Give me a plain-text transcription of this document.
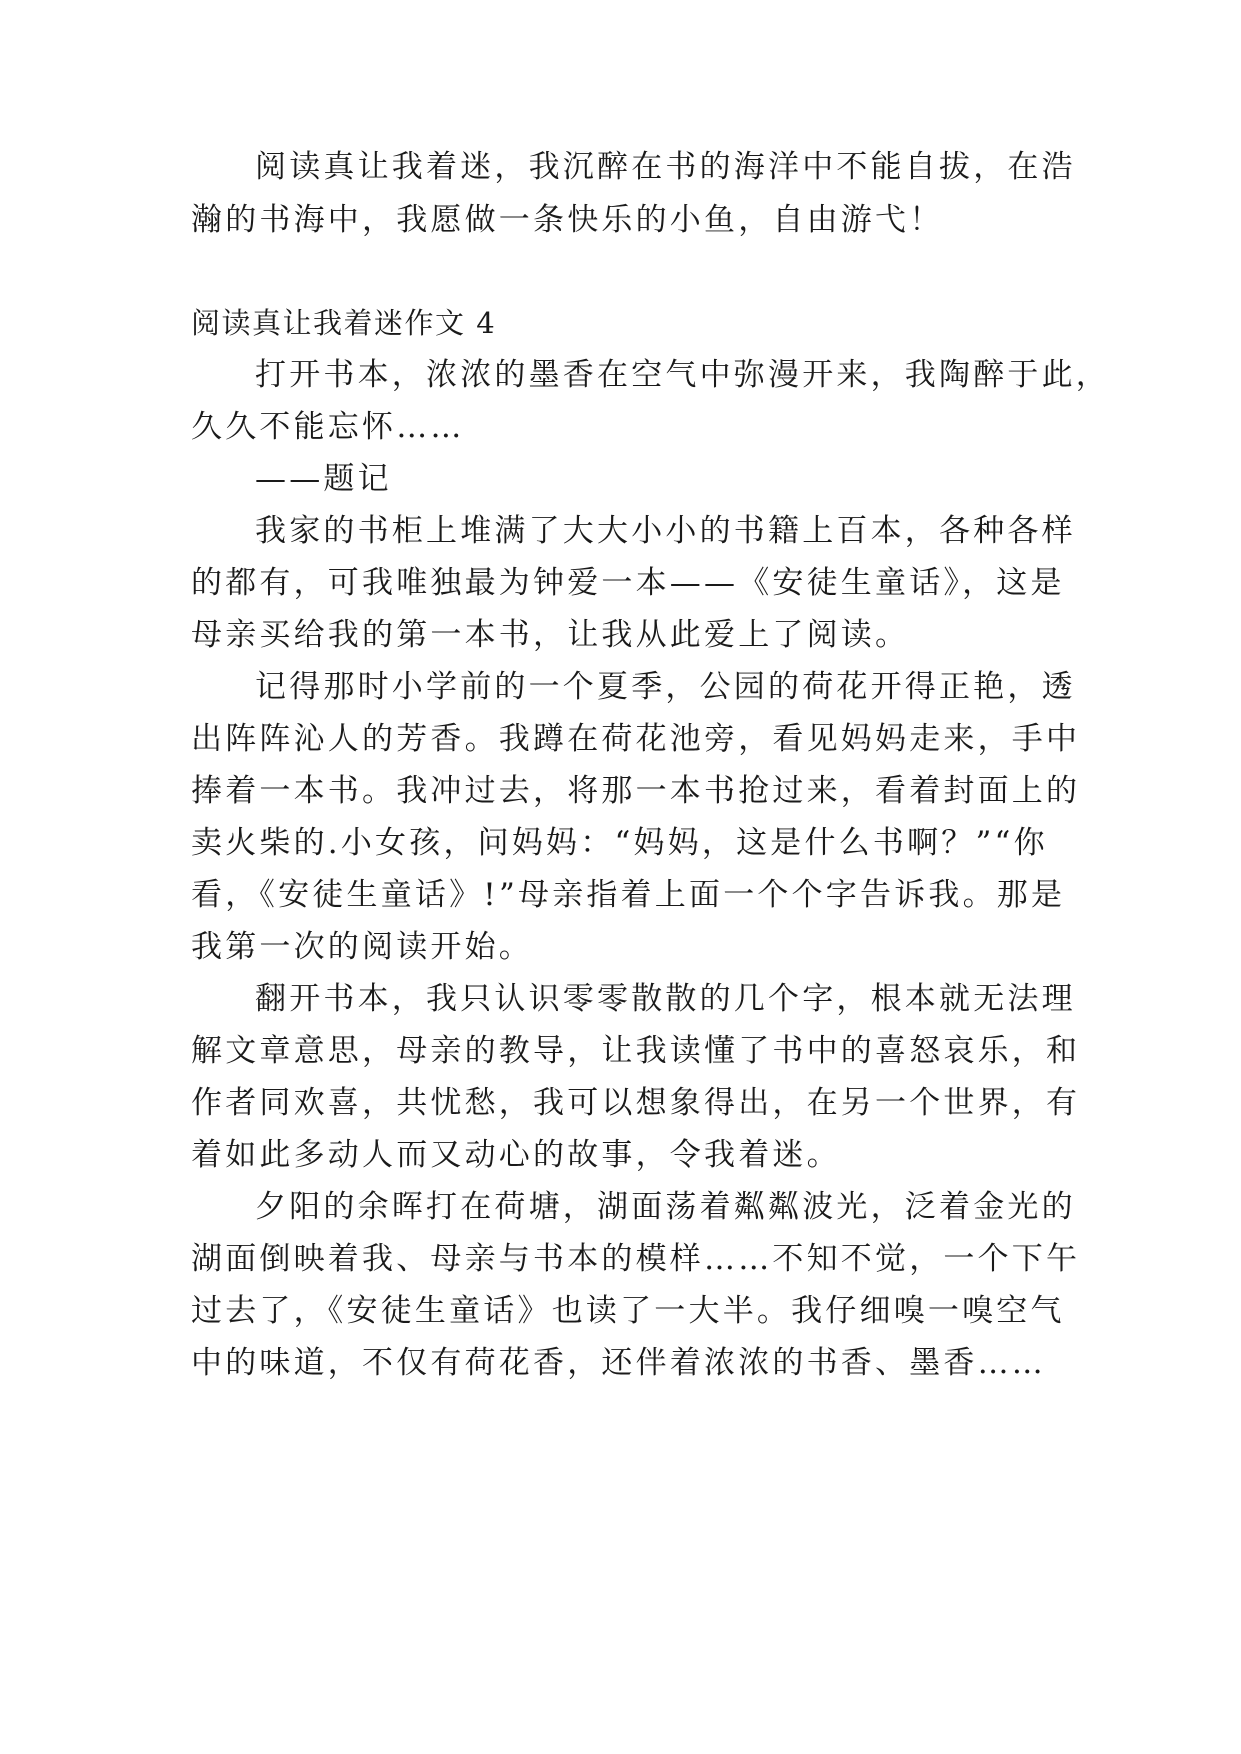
阅读真让我着迷，我沉醉在书的海洋中不能自拔，在浩
瀚的书海中，我愿做一条快乐的小鱼，自由游弋！
阅读真让我着迷作文 4
打开书本，浓浓的墨香在空气中弥漫开来，我陶醉于此，
久久不能忘怀……
——题记
我家的书柜上堆满了大大小小的书籍上百本，各种各样
的都有，可我唯独最为钟爱一本——《安徒生童话》，这是
母亲买给我的第一本书，让我从此爱上了阅读。
记得那时小学前的一个夏季，公园的荷花开得正艳，透
出阵阵沁人的芳香。我蹲在荷花池旁，看见妈妈走来，手中
捧着一本书。我冲过去，将那一本书抢过来，看着封面上的
卖火柴的.小女孩，问妈妈：“妈妈，这是什么书啊？”“你
看，《安徒生童话》!”母亲指着上面一个个字告诉我。那是
我第一次的阅读开始。
翻开书本，我只认识零零散散的几个字，根本就无法理
解文章意思，母亲的教导，让我读懂了书中的喜怒哀乐，和
作者同欢喜，共忧愁，我可以想象得出，在另一个世界，有
着如此多动人而又动心的故事，令我着迷。
夕阳的余晖打在荷塘，湖面荡着粼粼波光，泛着金光的
湖面倒映着我、母亲与书本的模样……不知不觉，一个下午
过去了，《安徒生童话》也读了一大半。我仔细嗅一嗅空气
中的味道，不仅有荷花香，还伴着浓浓的书香、墨香……
